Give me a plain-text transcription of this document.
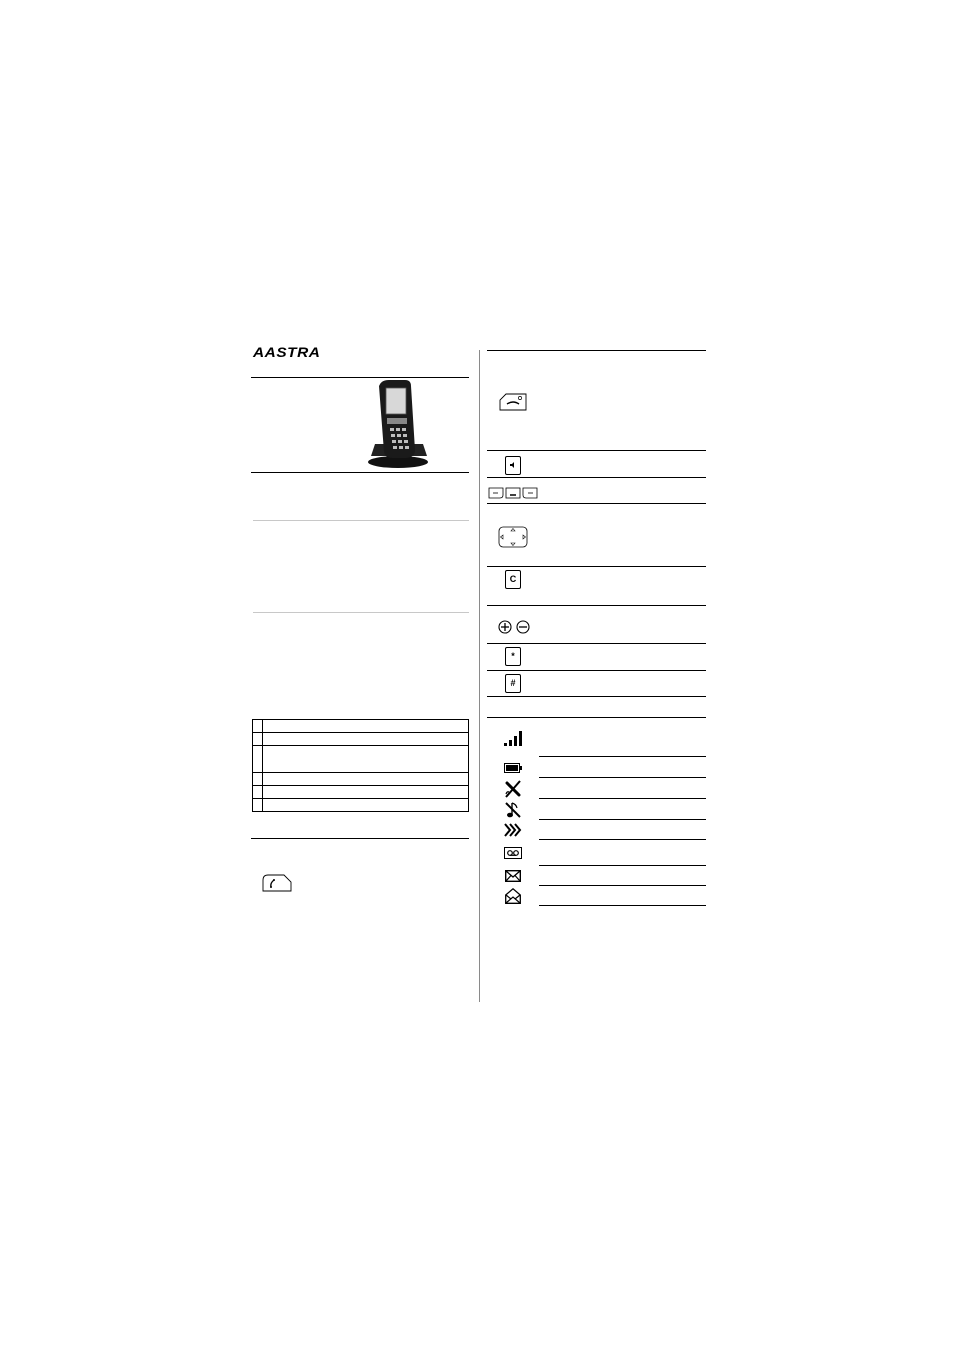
AASTRA

C
*
#
